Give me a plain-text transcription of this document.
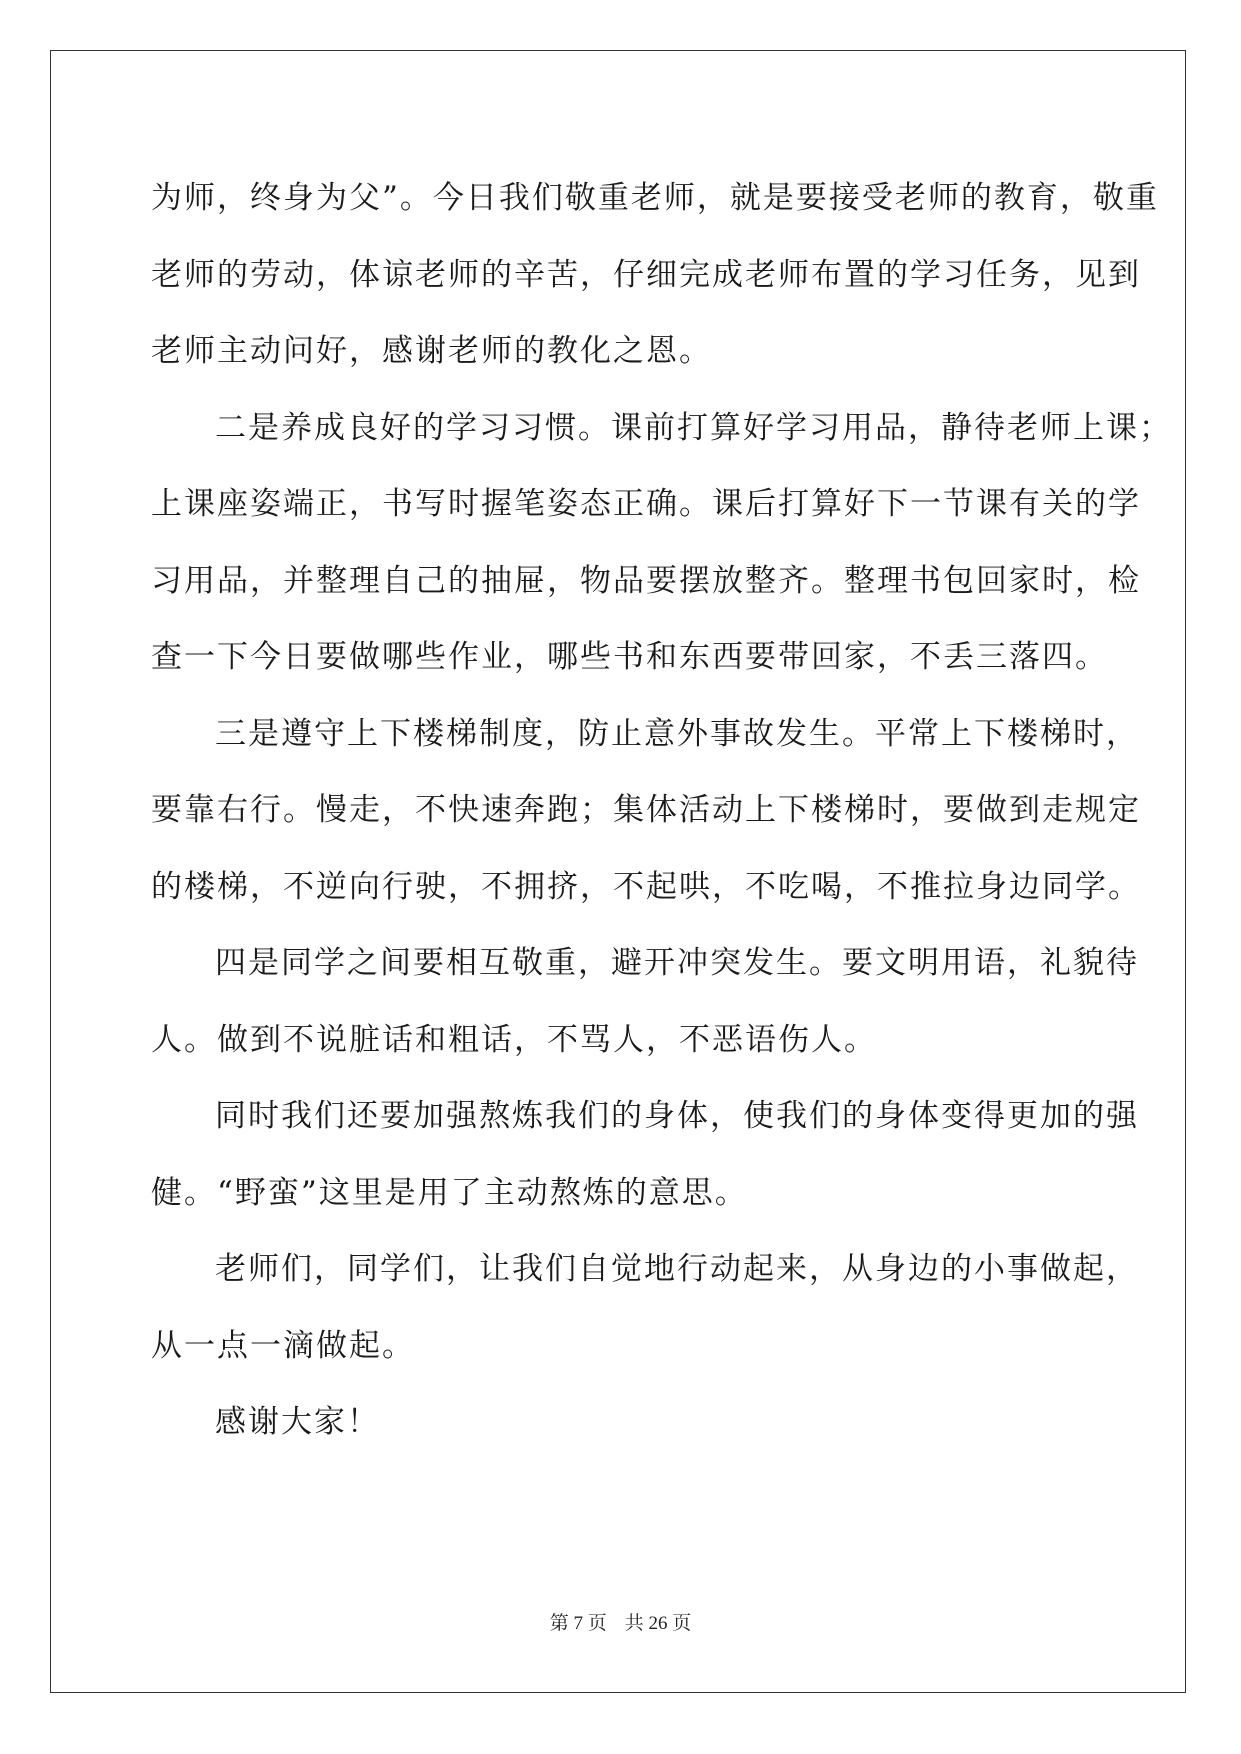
为师，终身为父”。今日我们敬重老师，就是要接受老师的教育，敬重
老师的劳动，体谅老师的辛苦，仔细完成老师布置的学习任务，见到
老师主动问好，感谢老师的教化之恩。
二是养成良好的学习习惯。课前打算好学习用品，静待老师上课；
上课座姿端正，书写时握笔姿态正确。课后打算好下一节课有关的学
习用品，并整理自己的抽屉，物品要摆放整齐。整理书包回家时，检
查一下今日要做哪些作业，哪些书和东西要带回家，不丢三落四。
三是遵守上下楼梯制度，防止意外事故发生。平常上下楼梯时，
要靠右行。慢走，不快速奔跑；集体活动上下楼梯时，要做到走规定
的楼梯，不逆向行驶，不拥挤，不起哄，不吃喝，不推拉身边同学。
四是同学之间要相互敬重，避开冲突发生。要文明用语，礼貌待
人。做到不说脏话和粗话，不骂人，不恶语伤人。
同时我们还要加强熬炼我们的身体，使我们的身体变得更加的强
健。“野蛮”这里是用了主动熬炼的意思。
老师们，同学们，让我们自觉地行动起来，从身边的小事做起，
从一点一滴做起。
感谢大家！
第 7 页 共 26 页
